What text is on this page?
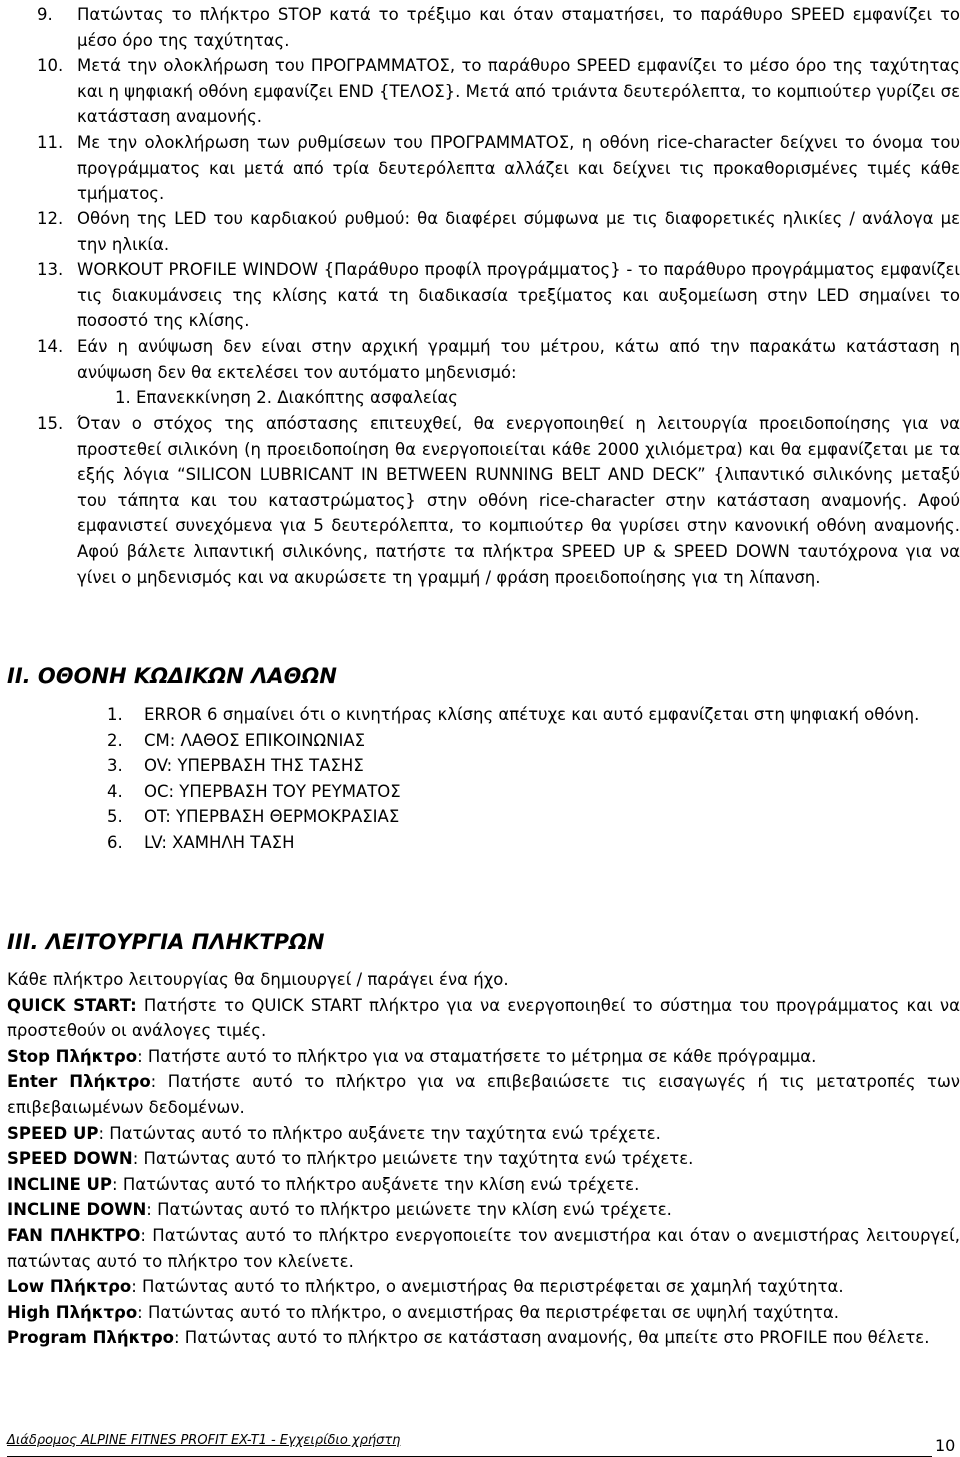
9. Πατώντας το πλήκτρο STOP κατά το τρέξιμο και όταν σταματήσει, το παράθυρο SPEED εμφανίζει το μέσο όρο της ταχύτητας.

10. Μετά την ολοκλήρωση του ΠΡΟΓΡΑΜΜΑΤΟΣ, το παράθυρο SPEED εμφανίζει το μέσο όρο της ταχύτητας και η ψηφιακή οθόνη εμφανίζει END {ΤΕΛΟΣ}. Μετά από τριάντα δευτερόλεπτα, το κομπιούτερ γυρίζει σε κατάσταση αναμονής.

11. Με την ολοκλήρωση των ρυθμίσεων του ΠΡΟΓΡΑΜΜΑΤΟΣ, η οθόνη rice-character δείχνει το όνομα του προγράμματος και μετά από τρία δευτερόλεπτα αλλάζει και δείχνει τις προκαθορισμένες τιμές κάθε τμήματος.

12. Οθόνη της LED του καρδιακού ρυθμού: θα διαφέρει σύμφωνα με τις διαφορετικές ηλικίες / ανάλογα με την ηλικία.

13. WORKOUT PROFILE WINDOW {Παράθυρο προφίλ προγράμματος} - το παράθυρο προγράμματος εμφανίζει τις διακυμάνσεις της κλίσης κατά τη διαδικασία τρεξίματος και αυξομείωση στην LED σημαίνει το ποσοστό της κλίσης.

14. Εάν η ανύψωση δεν είναι στην αρχική γραμμή του μέτρου, κάτω από την παρακάτω κατάσταση η ανύψωση δεν θα εκτελέσει τον αυτόματο μηδενισμό:

1. Επανεκκίνηση 2. Διακόπτης ασφαλείας

15. Όταν ο στόχος της απόστασης επιτευχθεί, θα ενεργοποιηθεί η λειτουργία προειδοποίησης για να προστεθεί σιλικόνη (η προειδοποίηση θα ενεργοποιείται κάθε 2000 χιλιόμετρα) και θα εμφανίζεται με τα εξής λόγια “SILICON LUBRICANT IN BETWEEN RUNNING BELT AND DECK” {λιπαντικό σιλικόνης μεταξύ του τάπητα και του καταστρώματος} στην οθόνη rice-character στην κατάσταση αναμονής. Αφού εμφανιστεί συνεχόμενα για 5 δευτερόλεπτα, το κομπιούτερ θα γυρίσει στην κανονική οθόνη αναμονής. Αφού βάλετε λιπαντική σιλικόνης, πατήστε τα πλήκτρα SPEED UP & SPEED DOWN ταυτόχρονα για να γίνει ο μηδενισμός και να ακυρώσετε τη γραμμή / φράση προειδοποίησης για τη λίπανση.

II. ΟΘΟΝΗ ΚΩΔΙΚΩΝ ΛΑΘΩΝ
1. ERROR 6 σημαίνει ότι ο κινητήρας κλίσης απέτυχε και αυτό εμφανίζεται στη ψηφιακή οθόνη.
2. CM: ΛΑΘΟΣ ΕΠΙΚΟΙΝΩΝΙΑΣ
3. OV: ΥΠΕΡΒΑΣΗ ΤΗΣ ΤΑΣΗΣ
4. OC: ΥΠΕΡΒΑΣΗ ΤΟΥ ΡΕΥΜΑΤΟΣ
5. OT: ΥΠΕΡΒΑΣΗ ΘΕΡΜΟΚΡΑΣΙΑΣ
6. LV: ΧΑΜΗΛΗ ΤΑΣΗ
III. ΛΕΙΤΟΥΡΓΙΑ ΠΛΗΚΤΡΩΝ
Κάθε πλήκτρο λειτουργίας θα δημιουργεί / παράγει ένα ήχο.
QUICK START: Πατήστε το QUICK START πλήκτρο για να ενεργοποιηθεί το σύστημα του προγράμματος και να προστεθούν οι ανάλογες τιμές.
Stop Πλήκτρο: Πατήστε αυτό το πλήκτρο για να σταματήσετε το μέτρημα σε κάθε πρόγραμμα.
Enter Πλήκτρο: Πατήστε αυτό το πλήκτρο για να επιβεβαιώσετε τις εισαγωγές ή τις μετατροπές των επιβεβαιωμένων δεδομένων.
SPEED UP: Πατώντας αυτό το πλήκτρο αυξάνετε την ταχύτητα ενώ τρέχετε.
SPEED DOWN: Πατώντας αυτό το πλήκτρο μειώνετε την ταχύτητα ενώ τρέχετε.
INCLINE UP: Πατώντας αυτό το πλήκτρο αυξάνετε την κλίση ενώ τρέχετε.
INCLINE DOWN: Πατώντας αυτό το πλήκτρο μειώνετε την κλίση ενώ τρέχετε.
FAN ΠΛΗΚΤΡΟ: Πατώντας αυτό το πλήκτρο ενεργοποιείτε τον ανεμιστήρα και όταν ο ανεμιστήρας λειτουργεί, πατώντας αυτό το πλήκτρο τον κλείνετε.
Low Πλήκτρο: Πατώντας αυτό το πλήκτρο, ο ανεμιστήρας θα περιστρέφεται σε χαμηλή ταχύτητα.
High Πλήκτρο: Πατώντας αυτό το πλήκτρο, ο ανεμιστήρας θα περιστρέφεται σε υψηλή ταχύτητα.
Program Πλήκτρο: Πατώντας αυτό το πλήκτρο σε κατάσταση αναμονής, θα μπείτε στο PROFILE που θέλετε.
Διάδρομος ALPINE FITNES PROFIT EX-T1 - Εγχειρίδιο χρήστη	10
